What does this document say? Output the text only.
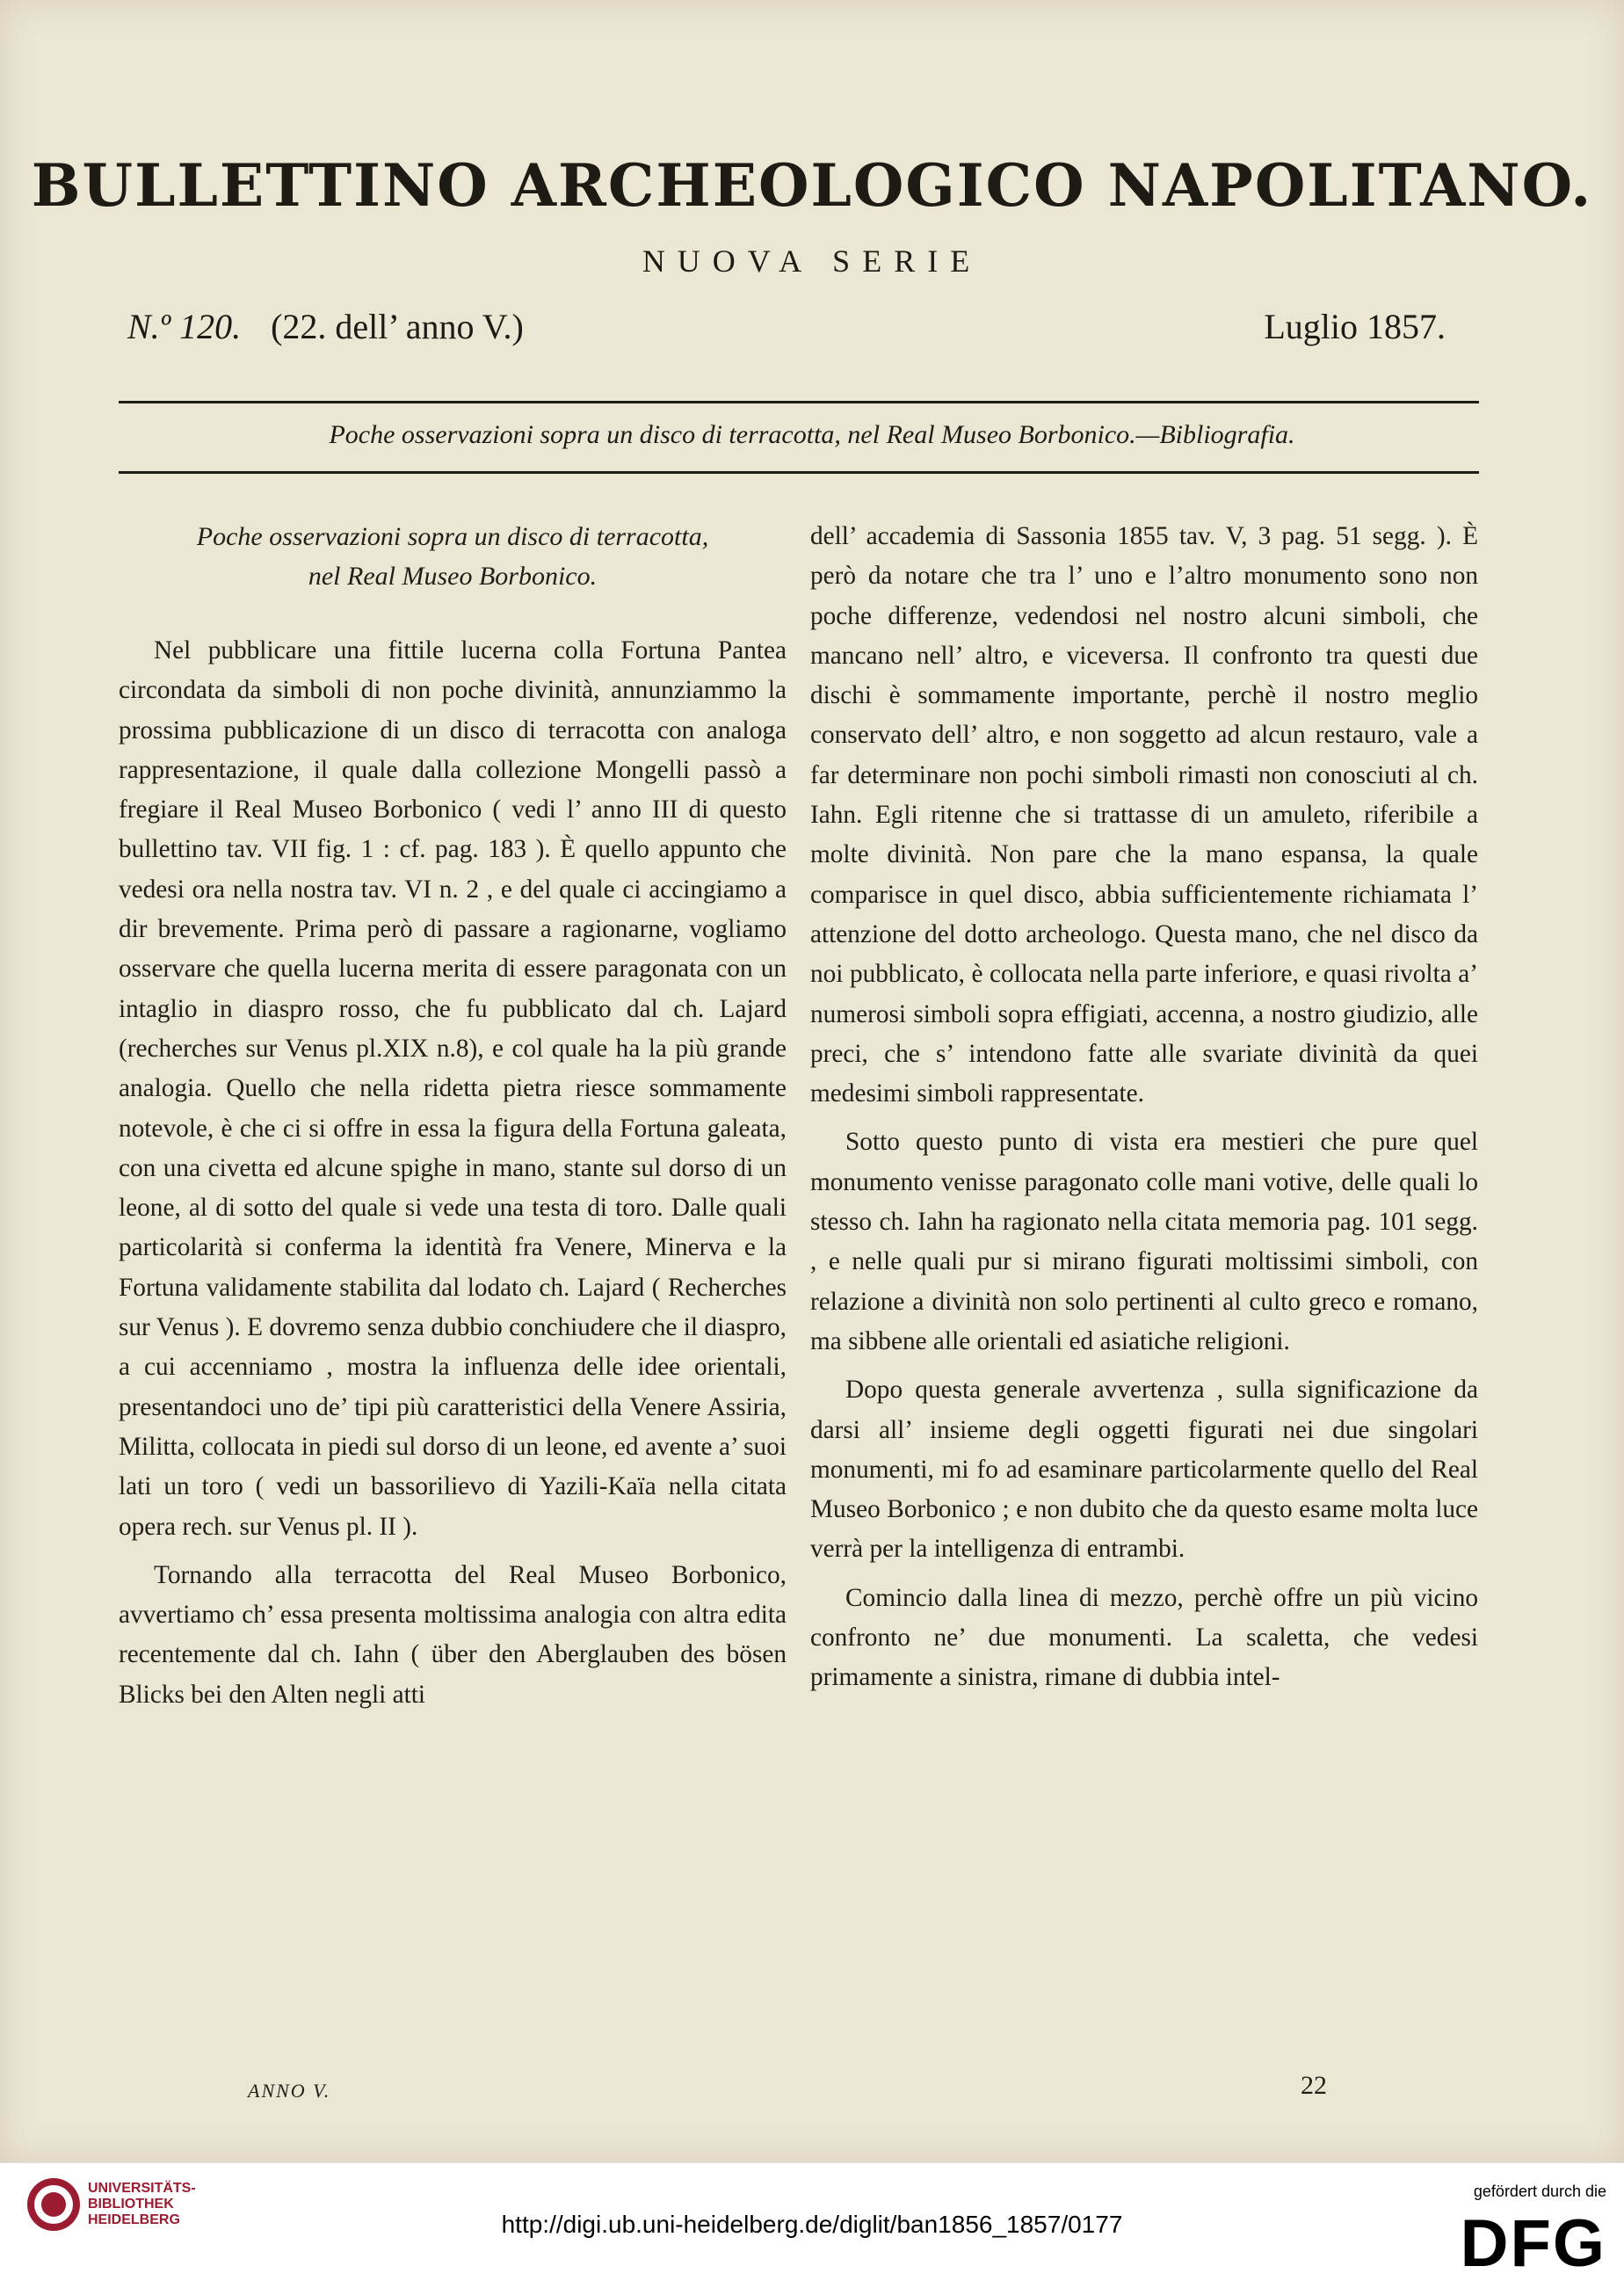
BULLETTINO ARCHEOLOGICO NAPOLITANO.
NUOVA SERIE
N.º 120. (22. dell’ anno V.)	Luglio 1857.
Poche osservazioni sopra un disco di terracotta, nel Real Museo Borbonico.—Bibliografia.
Poche osservazioni sopra un disco di terracotta,
nel Real Museo Borbonico.

Nel pubblicare una fittile lucerna colla Fortuna Pantea circondata da simboli di non poche divinità, annunziammo la prossima pubblicazione di un disco di terracotta con analoga rappresentazione, il quale dalla collezione Mongelli passò a fregiare il Real Museo Borbonico ( vedi l’ anno III di questo bullettino tav. VII fig. 1 : cf. pag. 183 ). È quello appunto che vedesi ora nella nostra tav. VI n. 2 , e del quale ci accingiamo a dir brevemente. Prima però di passare a ragionarne, vogliamo osservare che quella lucerna merita di essere paragonata con un intaglio in diaspro rosso, che fu pubblicato dal ch. Lajard (recherches sur Venus pl.XIX n.8), e col quale ha la più grande analogia. Quello che nella ridetta pietra riesce sommamente notevole, è che ci si offre in essa la figura della Fortuna galeata, con una civetta ed alcune spighe in mano, stante sul dorso di un leone, al di sotto del quale si vede una testa di toro. Dalle quali particolarità si conferma la identità fra Venere, Minerva e la Fortuna validamente stabilita dal lodato ch. Lajard ( Recherches sur Venus ). E dovremo senza dubbio conchiudere che il diaspro, a cui accenniamo , mostra la influenza delle idee orientali, presentandoci uno de’ tipi più caratteristici della Venere Assiria, Militta, collocata in piedi sul dorso di un leone, ed avente a’ suoi lati un toro ( vedi un bassorilievo di Yazili-Kaïa nella citata opera rech. sur Venus pl. II ).

Tornando alla terracotta del Real Museo Borbonico, avvertiamo ch’ essa presenta moltissima analogia con altra edita recentemente dal ch. Iahn ( über den Aberglauben des bösen Blicks bei den Alten negli atti

dell’ accademia di Sassonia 1855 tav. V, 3 pag. 51 segg. ). È però da notare che tra l’ uno e l’altro monumento sono non poche differenze, vedendosi nel nostro alcuni simboli, che mancano nell’ altro, e viceversa. Il confronto tra questi due dischi è sommamente importante, perchè il nostro meglio conservato dell’ altro, e non soggetto ad alcun restauro, vale a far determinare non pochi simboli rimasti non conosciuti al ch. Iahn. Egli ritenne che si trattasse di un amuleto, riferibile a molte divinità. Non pare che la mano espansa, la quale comparisce in quel disco, abbia sufficientemente richiamata l’ attenzione del dotto archeologo. Questa mano, che nel disco da noi pubblicato, è collocata nella parte inferiore, e quasi rivolta a’ numerosi simboli sopra effigiati, accenna, a nostro giudizio, alle preci, che s’ intendono fatte alle svariate divinità da quei medesimi simboli rappresentate.

Sotto questo punto di vista era mestieri che pure quel monumento venisse paragonato colle mani votive, delle quali lo stesso ch. Iahn ha ragionato nella citata memoria pag. 101 segg. , e nelle quali pur si mirano figurati moltissimi simboli, con relazione a divinità non solo pertinenti al culto greco e romano, ma sibbene alle orientali ed asiatiche religioni.

Dopo questa generale avvertenza , sulla significazione da darsi all’ insieme degli oggetti figurati nei due singolari monumenti, mi fo ad esaminare particolarmente quello del Real Museo Borbonico ; e non dubito che da questo esame molta luce verrà per la intelligenza di entrambi.

Comincio dalla linea di mezzo, perchè offre un più vicino confronto ne’ due monumenti. La scaletta, che vedesi primamente a sinistra, rimane di dubbia intel-

UNIVERSITÄTS-
BIBLIOTHEK
HEIDELBERG	http://digi.ub.uni-heidelberg.de/diglit/ban1856_1857/0177
gefördert durch die
DFG
ANNO V.	22
